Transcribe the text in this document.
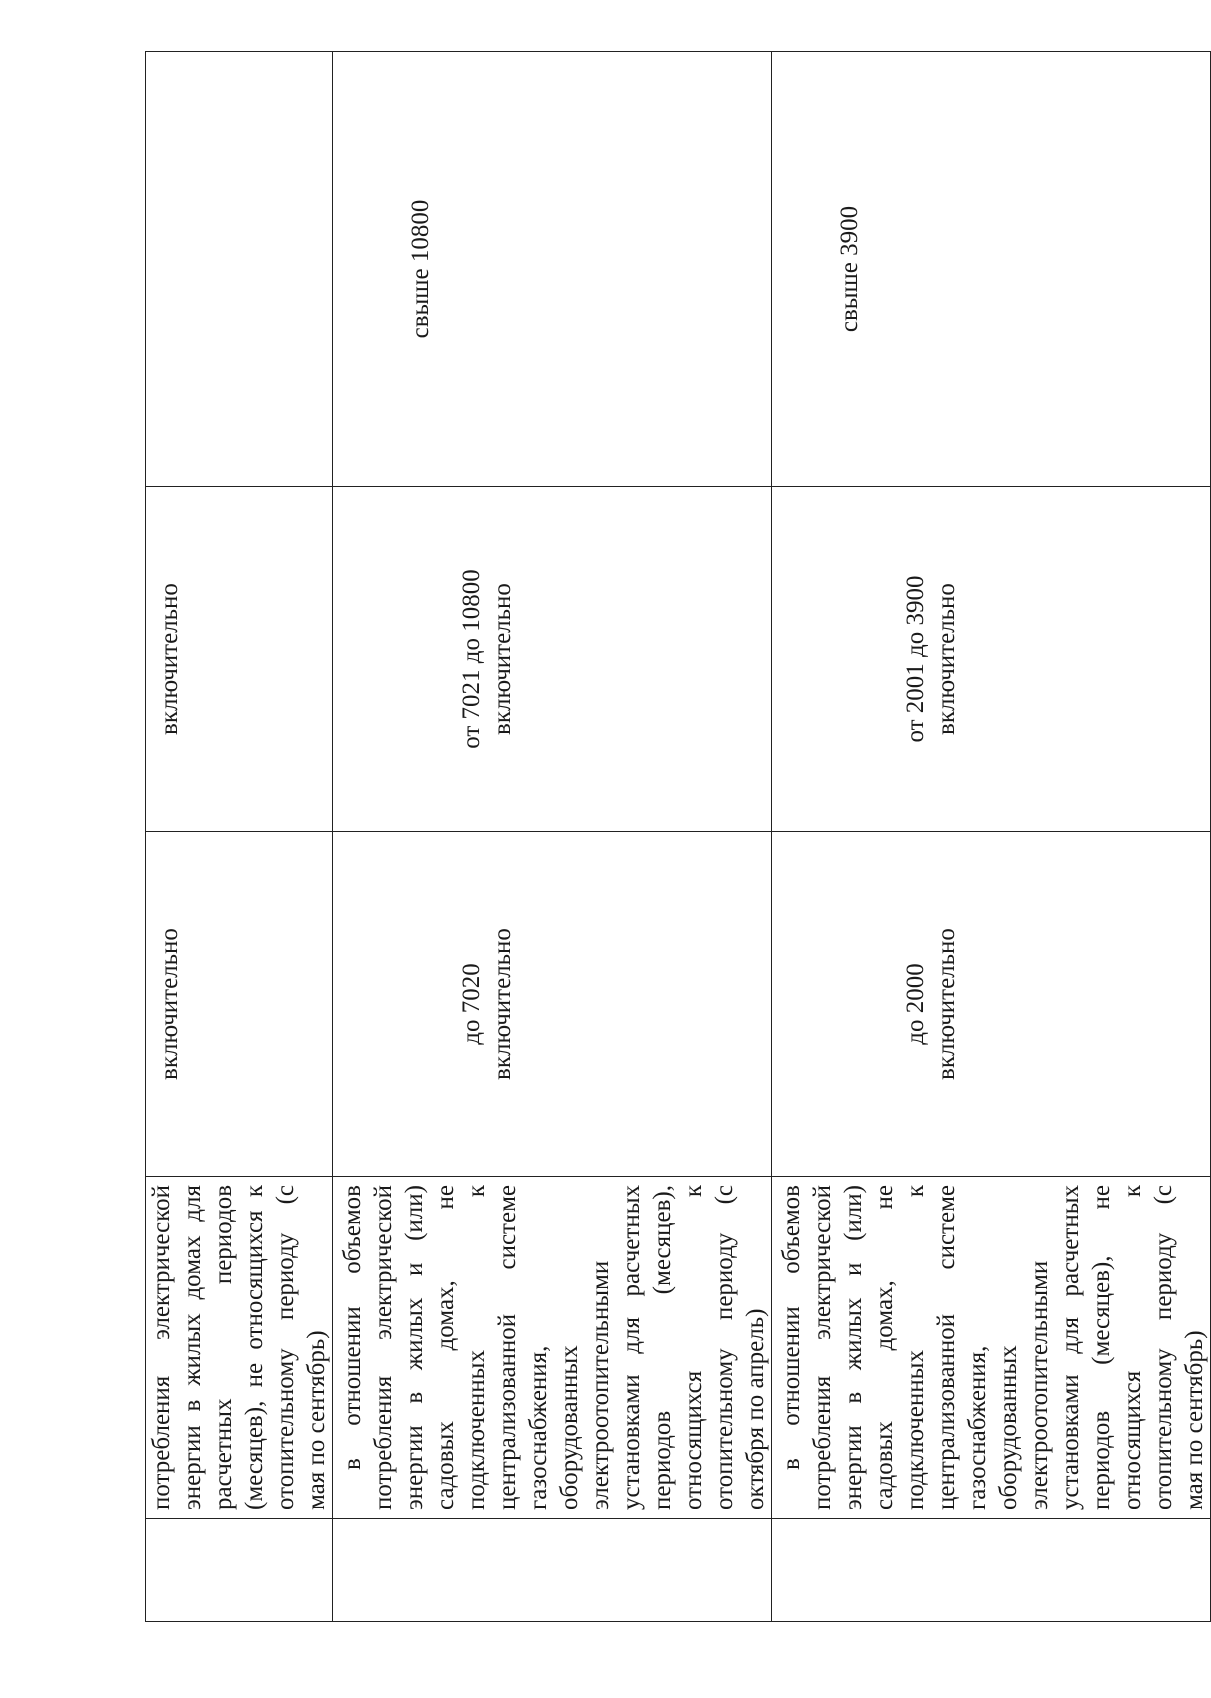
	потребления электрической энергии в жилых домах для расчетных периодов (месяцев), не относящихся к отопительному периоду (с мая по сентябрь)	включительно	включительно	

	в отношении объемов потребления электрической энергии в жилых и (или) садовых домах, не подключенных к централизованной системе газоснабжения, оборудованных электроотопительными установками для расчетных периодов (месяцев), относящихся к отопительному периоду (с октября по апрель)	до 7020 включительно	от 7021 до 10800 включительно	свыше 10800

	в отношении объемов потребления электрической энергии в жилых и (или) садовых домах, не подключенных к централизованной системе газоснабжения, оборудованных электроотопительными установками для расчетных периодов (месяцев), не относящихся к отопительному периоду (с мая по сентябрь)	до 2000 включительно	от 2001 до 3900 включительно	свыше 3900
